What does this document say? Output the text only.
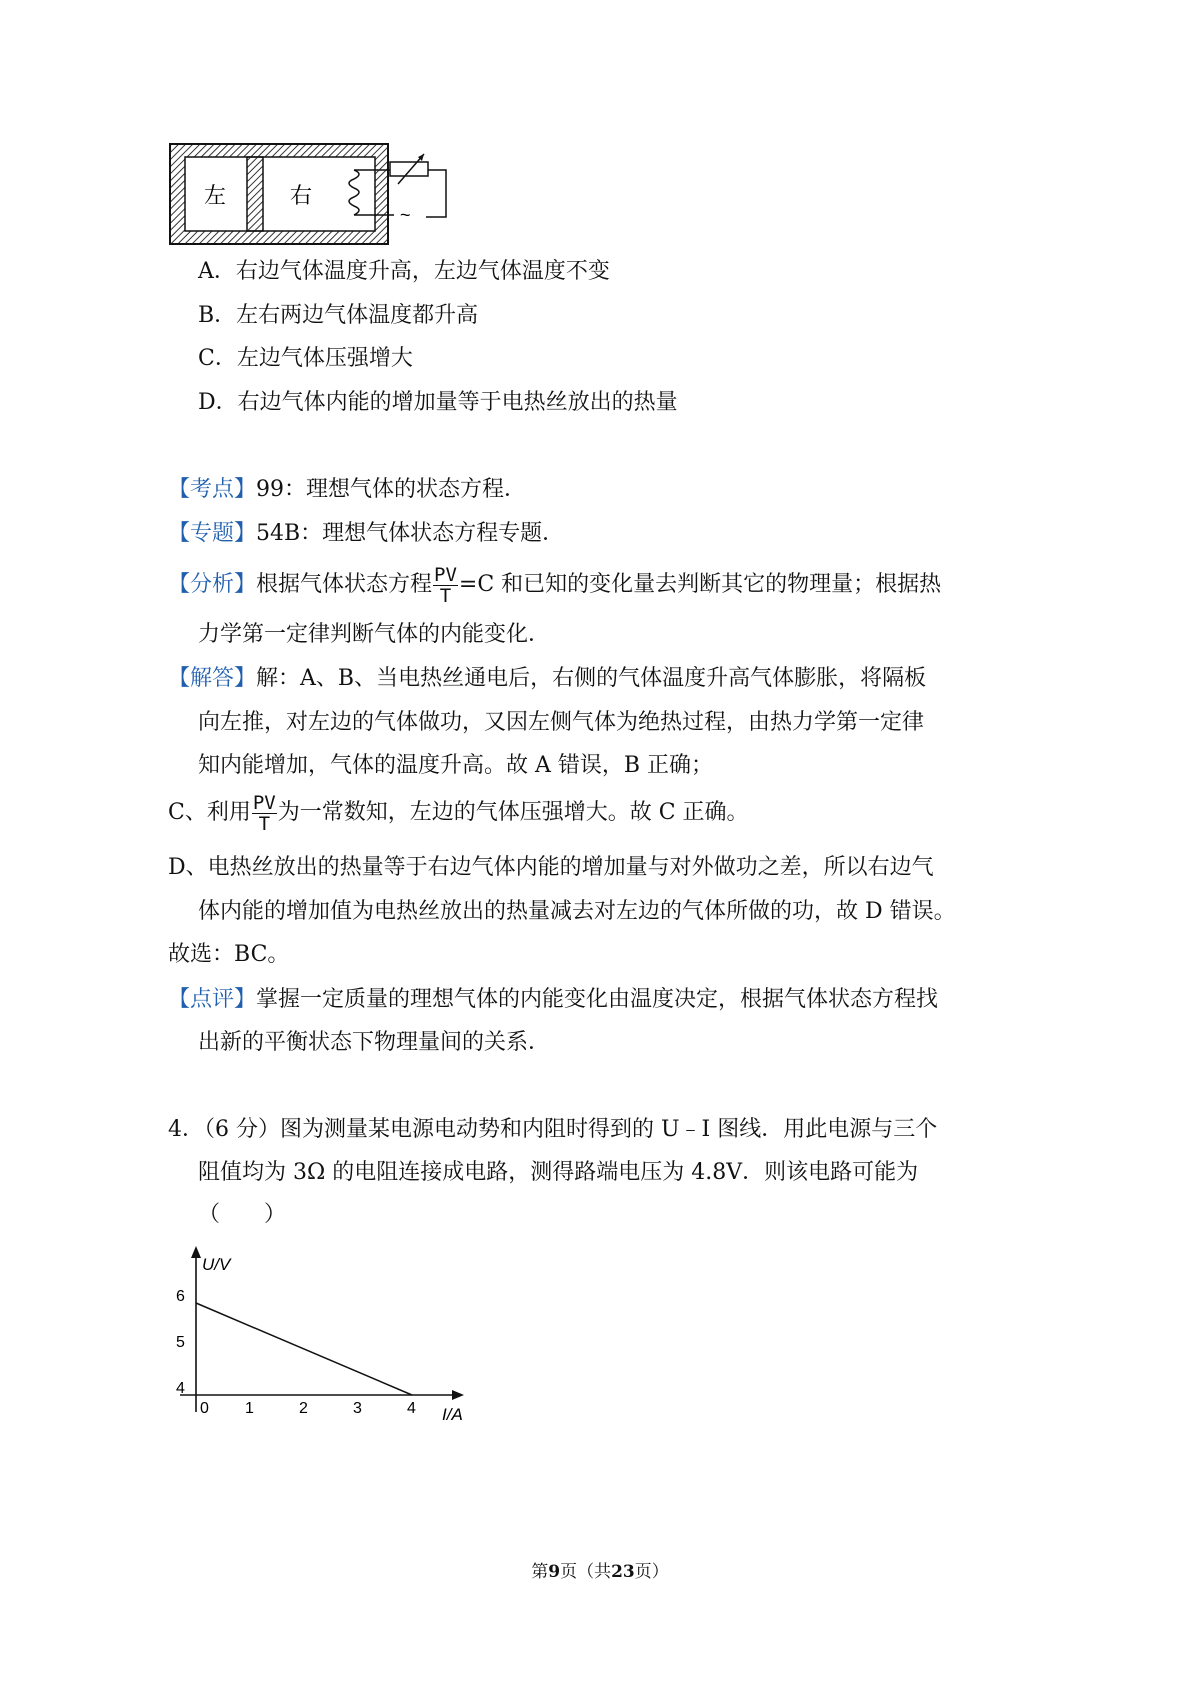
左	右
~
A．右边气体温度升高，左边气体温度不变
B．左右两边气体温度都升高
C．左边气体压强增大
D．右边气体内能的增加量等于电热丝放出的热量
【考点】99：理想气体的状态方程．
【专题】54B：理想气体状态方程专题．
【分析】根据气体状态方程 $\frac{PV}{T} =C$ 和已知的变化量去判断其它的物理量；根据热
力学第一定律判断气体的内能变化．
【解答】解：A、B、当电热丝通电后，右侧的气体温度升高气体膨胀，将隔板
向左推，对左边的气体做功，又因左侧气体为绝热过程，由热力学第一定律
知内能增加，气体的温度升高。故 A 错误，B 正确；
C、利用 $\frac{PV}{T}$ 为一常数知，左边的气体压强增大。故 C 正确。
D、电热丝放出的热量等于右边气体内能的增加量与对外做功之差，所以右边气
体内能的增加值为电热丝放出的热量减去对左边的气体所做的功，故 D 错误。
故选：BC。
【点评】掌握一定质量的理想气体的内能变化由温度决定，根据气体状态方程找
出新的平衡状态下物理量间的关系．
4．（6 分）图为测量某电源电动势和内阻时得到的 U﹣I 图线．用此电源与三个
阻值均为 3Ω 的电阻连接成电路，测得路端电压为 4.8V．则该电路可能为
（　　）
U/V
I/A
0 1	2	3	4
4
5
6
第9页（共23页）
